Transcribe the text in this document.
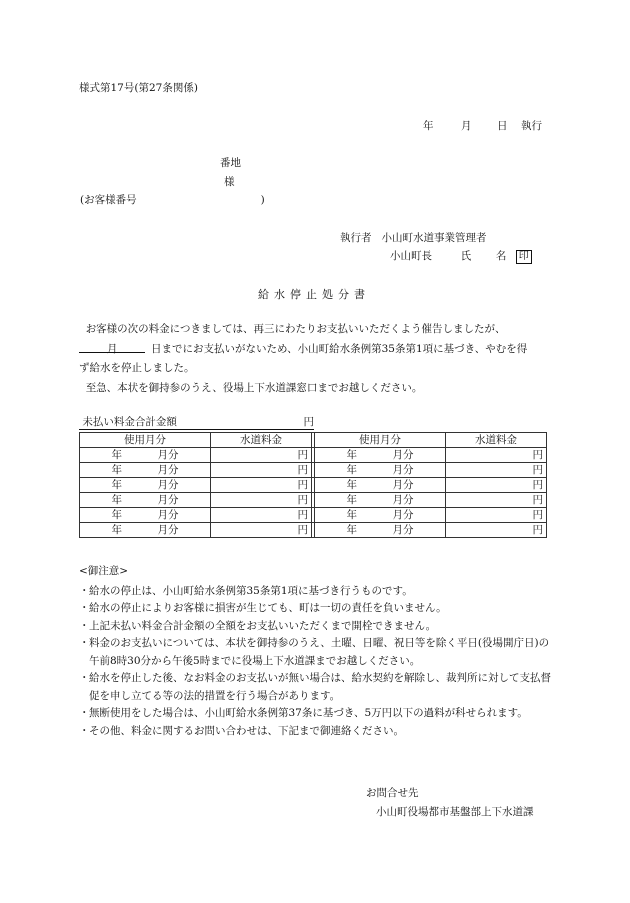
様式第17号(第27条関係)
年	月 日 執行
番地
様
(お客様番号	)
執行者 小山町水道事業管理者
小山町長	氏 名 印
給水停止処分書

お客様の次の料金につきましては、再三にわたりお支払いいただくよう催告しましたが、

月	日までにお支払いがないため、小山町給水条例第35条第1項に基づき、やむを得

ず給水を停止しました。

至急、本状を御持参のうえ、役場上下水道課窓口までお越しください。

未払い料金合計金額	円
使用月分	水道料金		使用月分	水道料金
年 月分	円		年 月分	円
年 月分	円		年 月分	円
年 月分	円		年 月分	円
年 月分	円		年 月分	円
年 月分	円		年 月分	円
年 月分	円		年 月分	円
<御注意>
・ 給水の停止は、小山町給水条例第35条第1項に基づき行うものです。
・ 給水の停止によりお客様に損害が生じても、町は一切の責任を負いません。
・ 上記未払い料金合計金額の全額をお支払いいただくまで開栓できません。
・ 料金のお支払いについては、本状を御持参のうえ、土曜、日曜、祝日等を除く平日(役場開庁日)の午前8時30分から午後5時までに役場上下水道課までお越しください。
・ 給水を停止した後、なお料金のお支払いが無い場合は、給水契約を解除し、裁判所に対して支払督促を申し立てる等の法的措置を行う場合があります。
・ 無断使用をした場合は、小山町給水条例第37条に基づき、5万円以下の過料が科せられます。
・ その他、料金に関するお問い合わせは、下記まで御連絡ください。
お問合せ先
小山町役場都市基盤部上下水道課
